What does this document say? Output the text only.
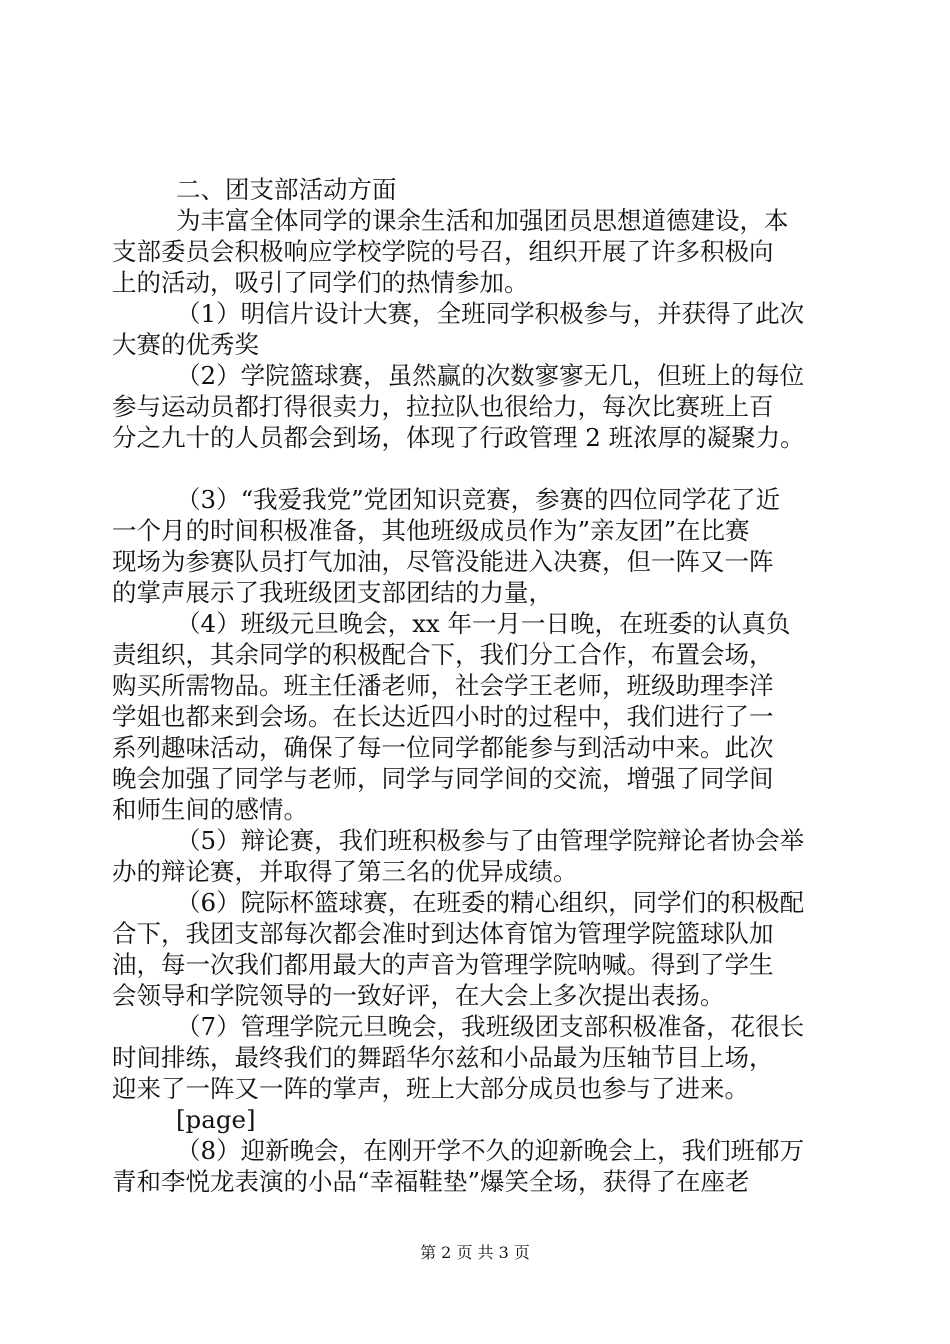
二、团支部活动方面
为丰富全体同学的课余生活和加强团员思想道德建设，本
支部委员会积极响应学校学院的号召，组织开展了许多积极向
上的活动，吸引了同学们的热情参加。
（1）明信片设计大赛，全班同学积极参与，并获得了此次
大赛的优秀奖
（2）学院篮球赛，虽然赢的次数寥寥无几，但班上的每位
参与运动员都打得很卖力，拉拉队也很给力，每次比赛班上百
分之九十的人员都会到场，体现了行政管理 2 班浓厚的凝聚力。
（3）“我爱我党”党团知识竞赛，参赛的四位同学花了近
一个月的时间积极准备，其他班级成员作为”亲友团”在比赛
现场为参赛队员打气加油，尽管没能进入决赛，但一阵又一阵
的掌声展示了我班级团支部团结的力量，
（4）班级元旦晚会，xx 年一月一日晚，在班委的认真负
责组织，其余同学的积极配合下，我们分工合作，布置会场，
购买所需物品。班主任潘老师，社会学王老师，班级助理李洋
学姐也都来到会场。在长达近四小时的过程中，我们进行了一
系列趣味活动，确保了每一位同学都能参与到活动中来。此次
晚会加强了同学与老师，同学与同学间的交流，增强了同学间
和师生间的感情。
（5）辩论赛，我们班积极参与了由管理学院辩论者协会举
办的辩论赛，并取得了第三名的优异成绩。
（6）院际杯篮球赛，在班委的精心组织，同学们的积极配
合下，我团支部每次都会准时到达体育馆为管理学院篮球队加
油，每一次我们都用最大的声音为管理学院呐喊。得到了学生
会领导和学院领导的一致好评，在大会上多次提出表扬。
（7）管理学院元旦晚会，我班级团支部积极准备，花很长
时间排练，最终我们的舞蹈华尔兹和小品最为压轴节目上场，
迎来了一阵又一阵的掌声，班上大部分成员也参与了进来。
[page]
（8）迎新晚会，在刚开学不久的迎新晚会上，我们班郁万
青和李悦龙表演的小品“幸福鞋垫”爆笑全场，获得了在座老
第 2 页 共 3 页
